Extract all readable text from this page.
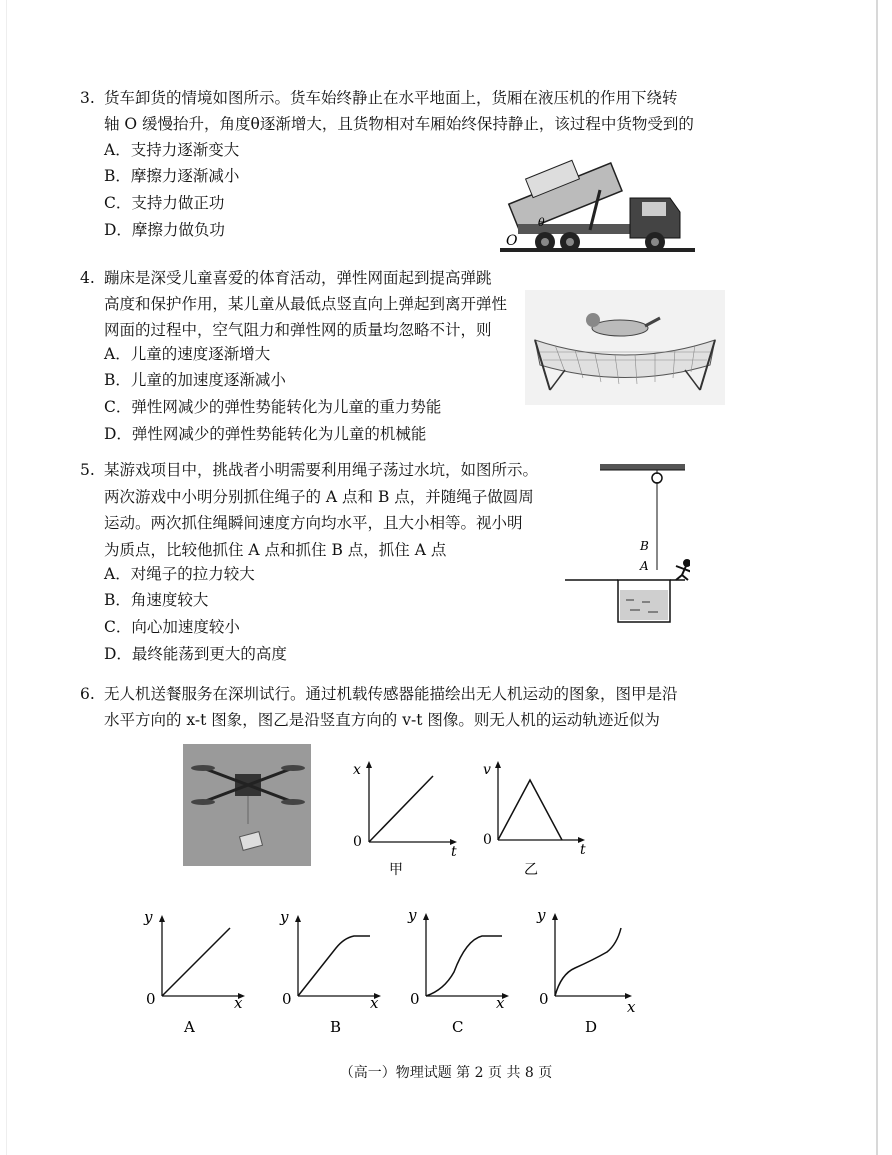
3. 货车卸货的情境如图所示。货车始终静止在水平地面上，货厢在液压机的作用下绕转
轴 O 缓慢抬升，角度θ逐渐增大，且货物相对车厢始终保持静止，该过程中货物受到的
A．支持力逐渐变大
B．摩擦力逐渐减小
C．支持力做正功
D．摩擦力做负功
O
θ
4. 蹦床是深受儿童喜爱的体育活动，弹性网面起到提高弹跳
高度和保护作用，某儿童从最低点竖直向上弹起到离开弹性
网面的过程中，空气阻力和弹性网的质量均忽略不计，则
A．儿童的速度逐渐增大
B．儿童的加速度逐渐减小
C．弹性网减少的弹性势能转化为儿童的重力势能
D．弹性网减少的弹性势能转化为儿童的机械能
5. 某游戏项目中，挑战者小明需要利用绳子荡过水坑，如图所示。
两次游戏中小明分别抓住绳子的 A 点和 B 点，并随绳子做圆周
运动。两次抓住绳瞬间速度方向均水平，且大小相等。视小明
为质点，比较他抓住 A 点和抓住 B 点，抓住 A 点
A．对绳子的拉力较大
B．角速度较大
C．向心加速度较小
D．最终能荡到更大的高度
B
A
6. 无人机送餐服务在深圳试行。通过机载传感器能描绘出无人机运动的图象，图甲是沿
水平方向的 x-t 图象，图乙是沿竖直方向的 v-t 图像。则无人机的运动轨迹近似为
x
t
0
甲
v
t
0
乙
y
x
0
A
y
x
0
B
y
x
0
C
y
x
0
D
（高一）物理试题 第 2 页 共 8 页
